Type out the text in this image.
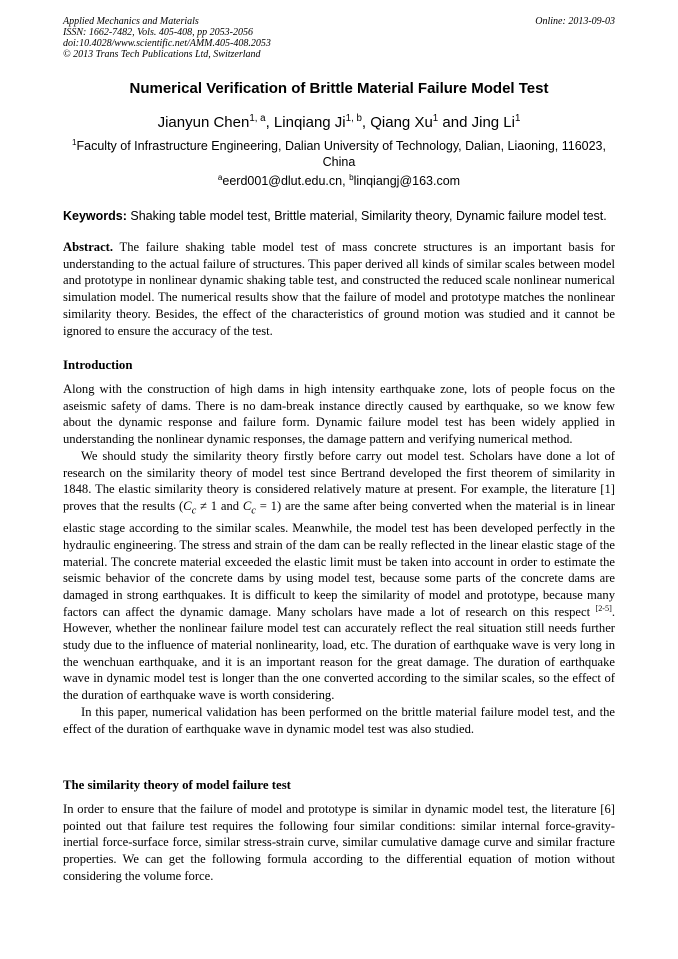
Applied Mechanics and Materials
ISSN: 1662-7482, Vols. 405-408, pp 2053-2056
doi:10.4028/www.scientific.net/AMM.405-408.2053
© 2013 Trans Tech Publications Ltd, Switzerland
Online: 2013-09-03
Numerical Verification of Brittle Material Failure Model Test
Jianyun Chen$^{1, a}$, Linqiang Ji$^{1, b}$, Qiang Xu$^1$ and Jing Li$^1$
$^1$Faculty of Infrastructure Engineering, Dalian University of Technology, Dalian, Liaoning, 116023, China
$^a$eerd001@dlut.edu.cn, $^b$linqiangj@163.com
Keywords: Shaking table model test, Brittle material, Similarity theory, Dynamic failure model test.

Abstract. The failure shaking table model test of mass concrete structures is an important basis for understanding to the actual failure of structures. This paper derived all kinds of similar scales between model and prototype in nonlinear dynamic shaking table test, and constructed the reduced scale nonlinear numerical simulation model. The numerical results show that the failure of model and prototype matches the nonlinear similarity theory. Besides, the effect of the characteristics of ground motion was studied and it cannot be ignored to ensure the accuracy of the test.

Introduction

Along with the construction of high dams in high intensity earthquake zone, lots of people focus on the aseismic safety of dams. There is no dam-break instance directly caused by earthquake, so we know few about the dynamic response and failure form. Dynamic failure model test has been widely applied in understanding the nonlinear dynamic responses, the damage pattern and verifying numerical method.

We should study the similarity theory firstly before carry out model test. Scholars have done a lot of research on the similarity theory of model test since Bertrand developed the first theorem of similarity in 1848. The elastic similarity theory is considered relatively mature at present. For example, the literature [1] proves that the results ($C_c \ne 1$ and $C_c = 1$) are the same after being converted when the material is in linear elastic stage according to the similar scales. Meanwhile, the model test has been developed perfectly in the hydraulic engineering. The stress and strain of the dam can be really reflected in the linear elastic stage of the material. The concrete material exceeded the elastic limit must be taken into account in order to estimate the seismic behavior of the concrete dams by using model test, because some parts of the concrete dams are damaged in strong earthquakes. It is difficult to keep the similarity of model and prototype, because many factors can affect the dynamic damage. Many scholars have made a lot of research on this respect [2-5]. However, whether the nonlinear failure model test can accurately reflect the real situation still needs further study due to the influence of material nonlinearity, load, etc. The duration of earthquake wave is very long in the wenchuan earthquake, and it is an important reason for the great damage. The duration of earthquake wave in dynamic model test is longer than the one converted according to the similar scales, so the effect of the duration of earthquake wave is worth considering.

In this paper, numerical validation has been performed on the brittle material failure model test, and the effect of the duration of earthquake wave in dynamic model test was also studied.

The similarity theory of model failure test

In order to ensure that the failure of model and prototype is similar in dynamic model test, the literature [6] pointed out that failure test requires the following four similar conditions: similar internal force-gravity-inertial force-surface force, similar stress-strain curve, similar cumulative damage curve and similar fracture properties. We can get the following formula according to the differential equation of motion without considering the volume force.
